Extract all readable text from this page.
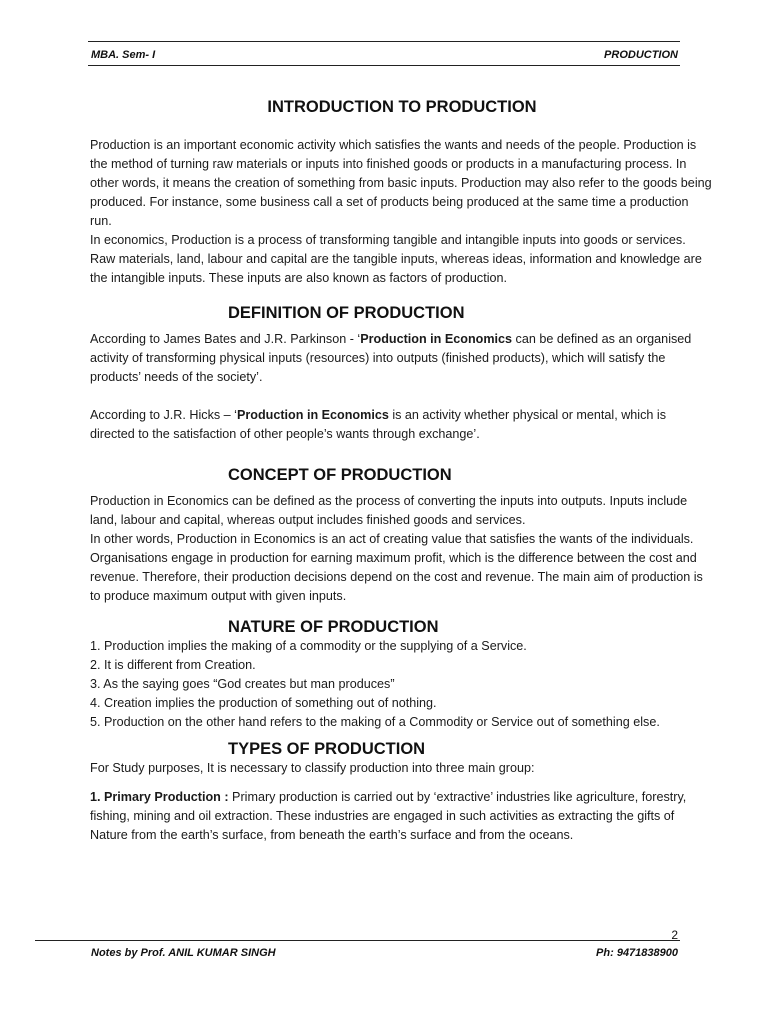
MBA. Sem- I	PRODUCTION
INTRODUCTION TO PRODUCTION

Production is an important economic activity which satisfies the wants and needs of the people. Production is the method of turning raw materials or inputs into finished goods or products in a manufacturing process. In other words, it means the creation of something from basic inputs. Production may also refer to the goods being produced. For instance, some business call a set of products being produced at the same time a production run.

In economics, Production is a process of transforming tangible and intangible inputs into goods or services. Raw materials, land, labour and capital are the tangible inputs, whereas ideas, information and knowledge are the intangible inputs. These inputs are also known as factors of production.

DEFINITION OF PRODUCTION

According to James Bates and J.R. Parkinson - ‘Production in Economics can be defined as an organised activity of transforming physical inputs (resources) into outputs (finished products), which will satisfy the products’ needs of the society’.

According to J.R. Hicks – ‘Production in Economics is an activity whether physical or mental, which is directed to the satisfaction of other people’s wants through exchange’.

CONCEPT OF PRODUCTION

Production in Economics can be defined as the process of converting the inputs into outputs. Inputs include land, labour and capital, whereas output includes finished goods and services.

In other words, Production in Economics is an act of creating value that satisfies the wants of the individuals.

Organisations engage in production for earning maximum profit, which is the difference between the cost and revenue. Therefore, their production decisions depend on the cost and revenue. The main aim of production is to produce maximum output with given inputs.

NATURE OF PRODUCTION
1. Production implies the making of a commodity or the supplying of a Service.
2. It is different from Creation.
3. As the saying goes “God creates but man produces”
4. Creation implies the production of something out of nothing.
5. Production on the other hand refers to the making of a Commodity or Service out of something else.
TYPES OF PRODUCTION

For Study purposes, It is necessary to classify production into three main group:

1. Primary Production : Primary production is carried out by ‘extractive’ industries like agriculture, forestry, fishing, mining and oil extraction. These industries are engaged in such activities as extracting the gifts of Nature from the earth’s surface, from beneath the earth’s surface and from the oceans.

2
Notes by Prof. ANIL KUMAR SINGH	Ph: 9471838900
